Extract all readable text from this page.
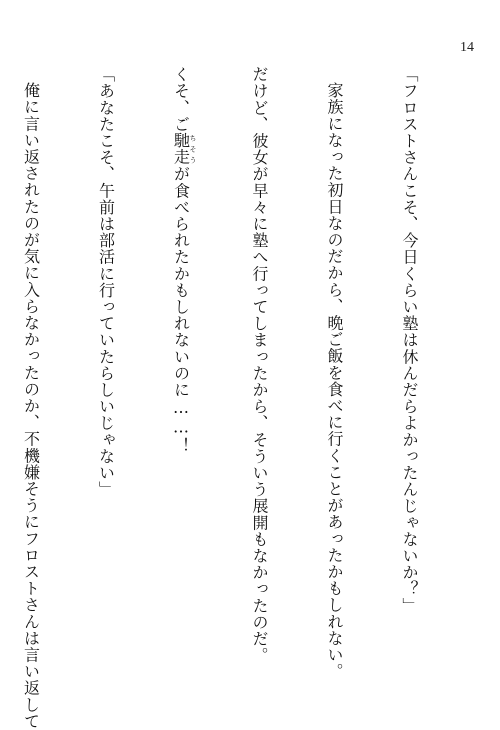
14

「フロストさんこそ、今日くらい塾は休んだらよかったんじゃないか？」

家族になった初日なのだから、晩ご飯を食べに行くことがあったかもしれない。

だけど、彼女が早々に塾へ行ってしまったから、そういう展開もなかったのだ。

くそ、ご馳走ちそうが食べられたかもしれないのに……！

「あなたこそ、午前は部活に行っていたらしいじゃない」

俺に言い返されたのが気に入らなかったのか、不機嫌そうにフロストさんは言い返して
